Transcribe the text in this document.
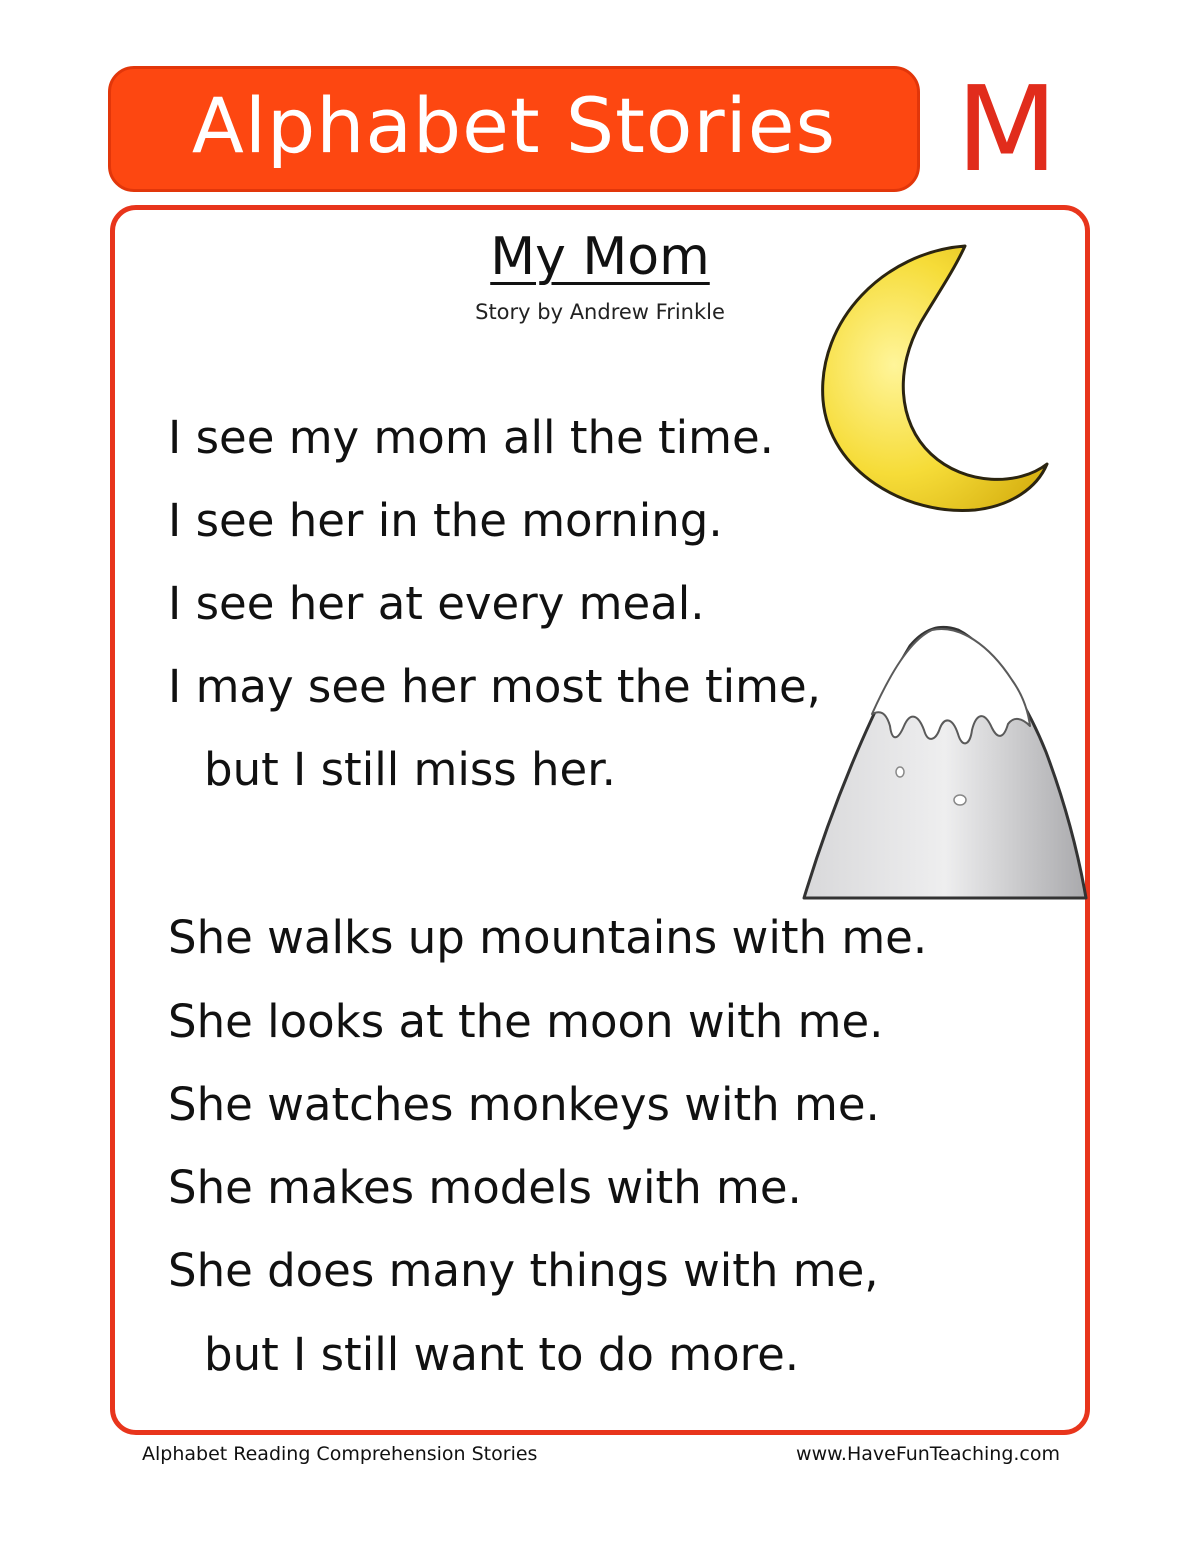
Alphabet Stories M
My Mom
Story by Andrew Frinkle
I see my mom all the time.
I see her in the morning.
I see her at every meal.
I may see her most the time,
but I still miss her.
She walks up mountains with me.
She looks at the moon with me.
She watches monkeys with me.
She makes models with me.
She does many things with me,
but I still want to do more.
Alphabet Reading Comprehension Stories	www.HaveFunTeaching.com
